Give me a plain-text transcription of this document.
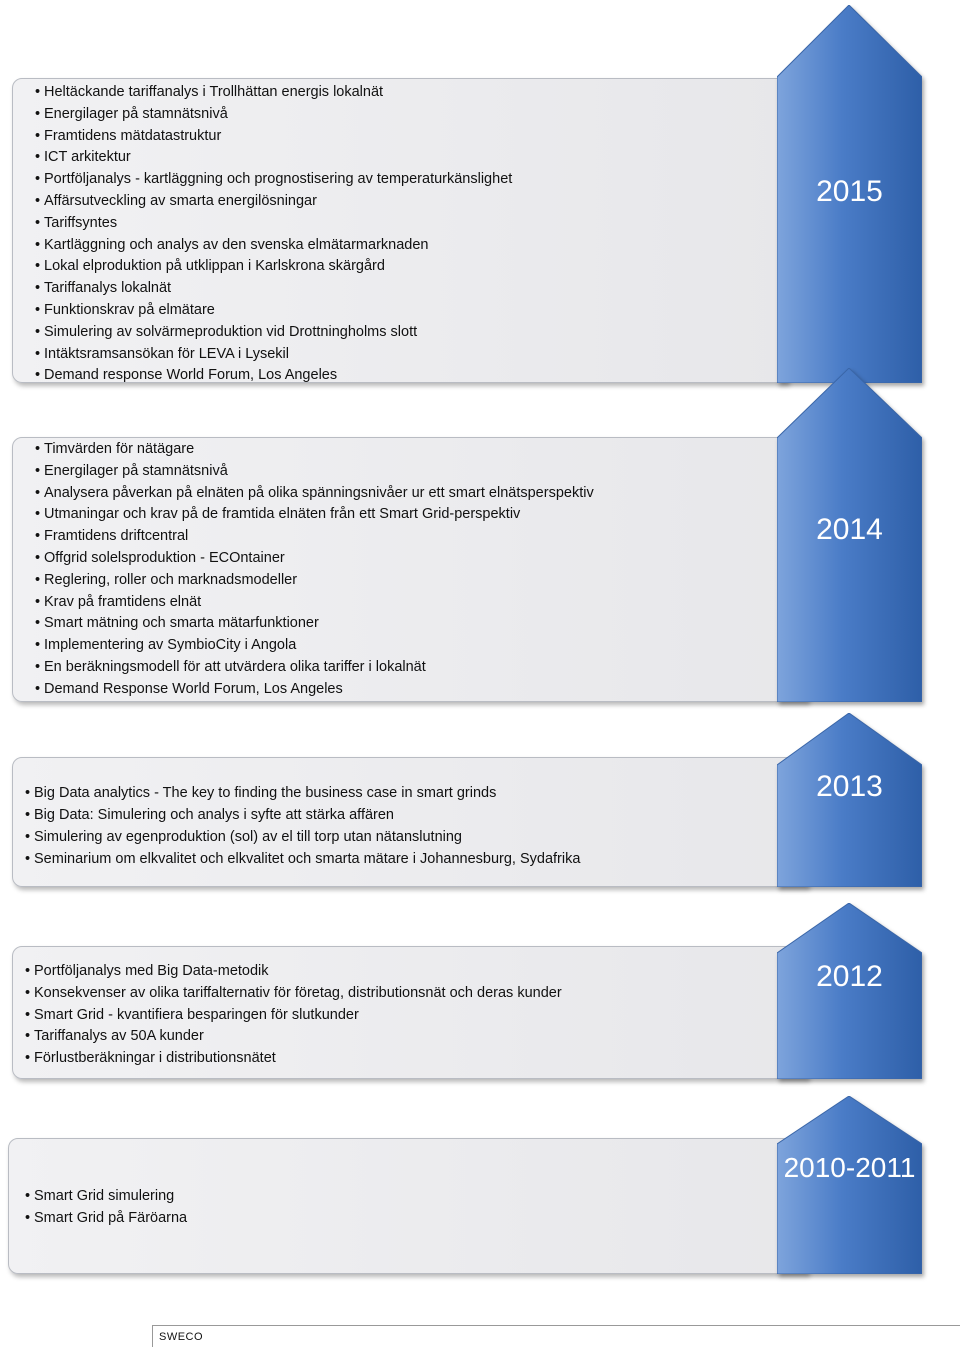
• Heltäckande tariffanalys i Trollhättan energis lokalnät
• Energilager på stamnätsnivå
• Framtidens mätdatastruktur
• ICT arkitektur
• Portföljanalys - kartläggning och prognostisering av temperaturkänslighet
• Affärsutveckling av smarta energilösningar
• Tariffsyntes
• Kartläggning och analys av den svenska elmätarmarknaden
• Lokal elproduktion på utklippan i Karlskrona skärgård
• Tariffanalys lokalnät
• Funktionskrav på elmätare
• Simulering av solvärmeproduktion vid Drottningholms slott
• Intäktsramsansökan för LEVA i Lysekil
• Demand response World Forum, Los Angeles
2015
• Timvärden för nätägare
• Energilager på stamnätsnivå
• Analysera påverkan på elnäten på olika spänningsnivåer ur ett smart elnätsperspektiv
• Utmaningar och krav på de framtida elnäten från ett Smart Grid-perspektiv
• Framtidens driftcentral
• Offgrid solelsproduktion - ECOntainer
• Reglering, roller och marknadsmodeller
• Krav på framtidens elnät
• Smart mätning och smarta mätarfunktioner
• Implementering av SymbioCity i Angola
• En beräkningsmodell för att utvärdera olika tariffer i lokalnät
• Demand Response World Forum, Los Angeles
2014
• Big Data analytics - The key to finding the business case in smart grinds
• Big Data: Simulering och analys i syfte att stärka affären
• Simulering av egenproduktion (sol) av el till torp utan nätanslutning
• Seminarium om elkvalitet och elkvalitet och smarta mätare i Johannesburg, Sydafrika
2013
• Portföljanalys med Big Data-metodik
• Konsekvenser av olika tariffalternativ för företag, distributionsnät och deras kunder
• Smart Grid - kvantifiera besparingen för slutkunder
• Tariffanalys av 50A kunder
• Förlustberäkningar i distributionsnätet
2012
• Smart Grid simulering
• Smart Grid på Färöarna
2010-2011
SWECO
